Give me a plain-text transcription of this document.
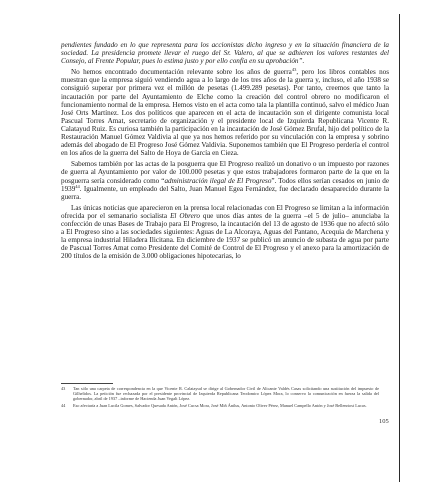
pendientes fundado en lo que representa para los accionistas dicho ingreso y en la situación financiera de la sociedad. La presidencia promete llevar el ruego del Sr. Valero, al que se adhieren los valores restantes del Consejo, al Frente Popular, pues lo estima justo y por ello confía en su aprobación”.

No hemos encontrado documentación relevante sobre los años de guerra$^{43}$, pero los libros contables nos muestran que la empresa siguió vendiendo agua a lo largo de los tres años de la guerra y, incluso, el año 1938 se consiguió superar por primera vez el millón de pesetas (1.499.289 pesetas). Por tanto, creemos que tanto la incautación por parte del Ayuntamiento de Elche como la creación del control obrero no modificaron el funcionamiento normal de la empresa. Hemos visto en el acta como tala la plantilla continuó, salvo el médico Juan José Orts Martínez. Los dos políticos que aparecen en el acta de incautación son el dirigente comunista local Pascual Torres Amat, secretario de organización y el presidente local de Izquierda Republicana Vicente R. Calatayud Ruiz. Es curiosa también la participación en la incautación de José Gómez Brufal, hijo del político de la Restauración Manuel Gómez Valdivia al que ya nos hemos referido por su vinculación con la empresa y sobrino además del abogado de El Progreso José Gómez Valdivia. Suponemos también que El Progreso perdería el control en los años de la guerra del Salto de Hoya de García en Cieza.

Sabemos también por las actas de la posguerra que El Progreso realizó un donativo o un impuesto por razones de guerra al Ayuntamiento por valor de 100.000 pesetas y que estos trabajadores formaron parte de la que en la posguerra sería considerado como “administración ilegal de El Progreso”. Todos ellos serían cesados en junio de 1939$^{44}$. Igualmente, un empleado del Salto, Juan Manuel Egea Fernández, fue declarado desaparecido durante la guerra.

Las únicas noticias que aparecieron en la prensa local relacionadas con El Progreso se limitan a la información ofrecida por el semanario socialista El Obrero que unos días antes de la guerra –el 5 de julio– anunciaba la confección de unas Bases de Trabajo para El Progreso, la incautación del 13 de agosto de 1936 que no afectó sólo a El Progreso sino a las sociedades siguientes: Aguas de La Alcoraya, Aguas del Pantano, Acequia de Marchena y la empresa industrial Hiladera Ilicitana. En diciembre de 1937 se publicó un anuncio de subasta de agua por parte de Pascual Torres Amat como Presidente del Comité de Control de El Progreso y el anexo para la amortización de 200 títulos de la emisión de 3.000 obligaciones hipotecarias, lo

43	Tan sólo una carpeta de correspondencia en la que Vicente R. Calatayud se dirige al Gobernador Civil de Alicante Valdés Casas solicitando una sustitución del impuesto de Gilhelidos. La petición fue rechazada por el presidente provincial de Izquierda Republicana Teodomiro López Mora, lo conservo la comunicación en fuerza la salida del gobernador, abril de 1937 –informe de Hacienda Juan Vegalt López.
44	Eso afectaría a Juan Lucila Gomes, Salvador Quesada Antón, José Cucsa Mora, José Miñ Ánilus, Antonio Oliver Pérez, Manuel Campello Antón y José Bellenriost Lucas.
105
